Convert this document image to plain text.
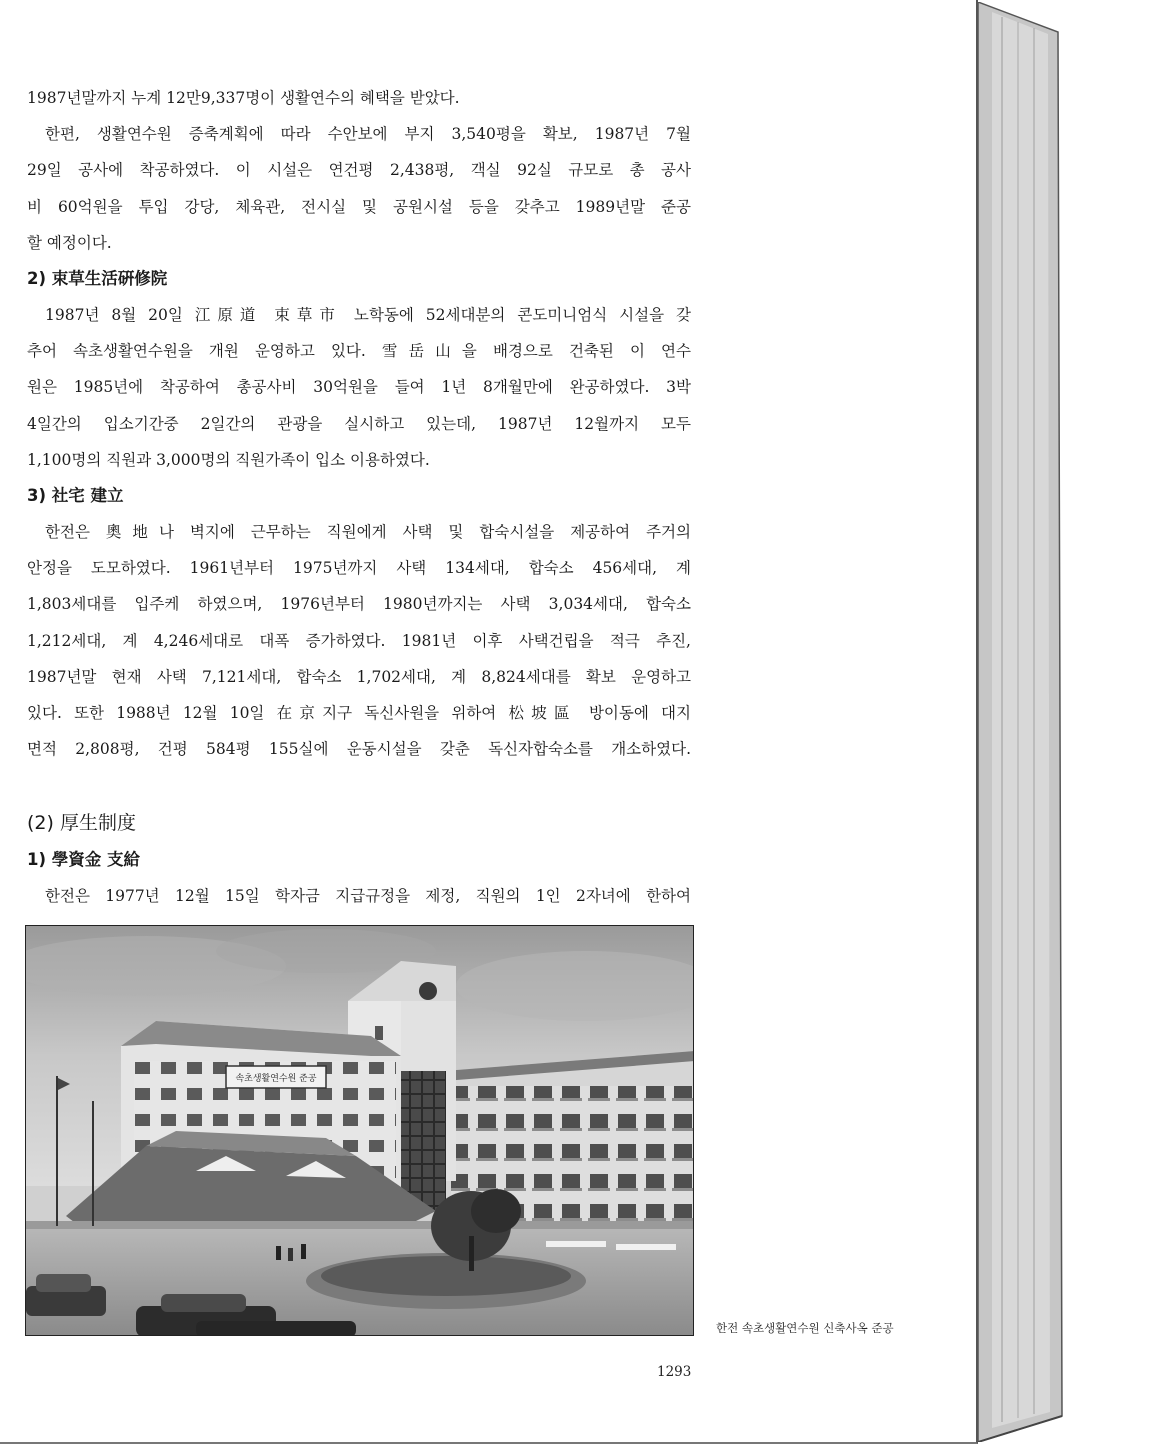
1987년말까지 누계 12만9,337명이 생활연수의 혜택을 받았다.

한편, 생활연수원 증축계획에 따라 수안보에 부지 3,540평을 확보, 1987년 7월

29일 공사에 착공하였다. 이 시설은 연건평 2,438평, 객실 92실 규모로 총 공사

비 60억원을 투입 강당, 체육관, 전시실 및 공원시설 등을 갖추고 1989년말 준공

할 예정이다.

2) 束草生活硏修院

1987년 8월 20일 江原道 束草市 노학동에 52세대분의 콘도미니엄식 시설을 갖

추어 속초생활연수원을 개원 운영하고 있다. 雪岳山을 배경으로 건축된 이 연수

원은 1985년에 착공하여 총공사비 30억원을 들여 1년 8개월만에 완공하였다. 3박

4일간의 입소기간중 2일간의 관광을 실시하고 있는데, 1987년 12월까지 모두

1,100명의 직원과 3,000명의 직원가족이 입소 이용하였다.

3) 社宅 建立

한전은 奧地나 벽지에 근무하는 직원에게 사택 및 합숙시설을 제공하여 주거의

안정을 도모하였다. 1961년부터 1975년까지 사택 134세대, 합숙소 456세대, 계

1,803세대를 입주케 하였으며, 1976년부터 1980년까지는 사택 3,034세대, 합숙소

1,212세대, 계 4,246세대로 대폭 증가하였다. 1981년 이후 사택건립을 적극 추진,

1987년말 현재 사택 7,121세대, 합숙소 1,702세대, 계 8,824세대를 확보 운영하고

있다. 또한 1988년 12월 10일 在京지구 독신사원을 위하여 松坡區 방이동에 대지

면적 2,808평, 건평 584평 155실에 운동시설을 갖춘 독신자합숙소를 개소하였다.

(2) 厚生制度
1) 學資金 支給
한전은 1977년 12월 15일 학자금 지급규정을 제정, 직원의 1인 2자녀에 한하여
속초생활연수원 준공
한전 속초생활연수원 신축사옥 준공
1293
